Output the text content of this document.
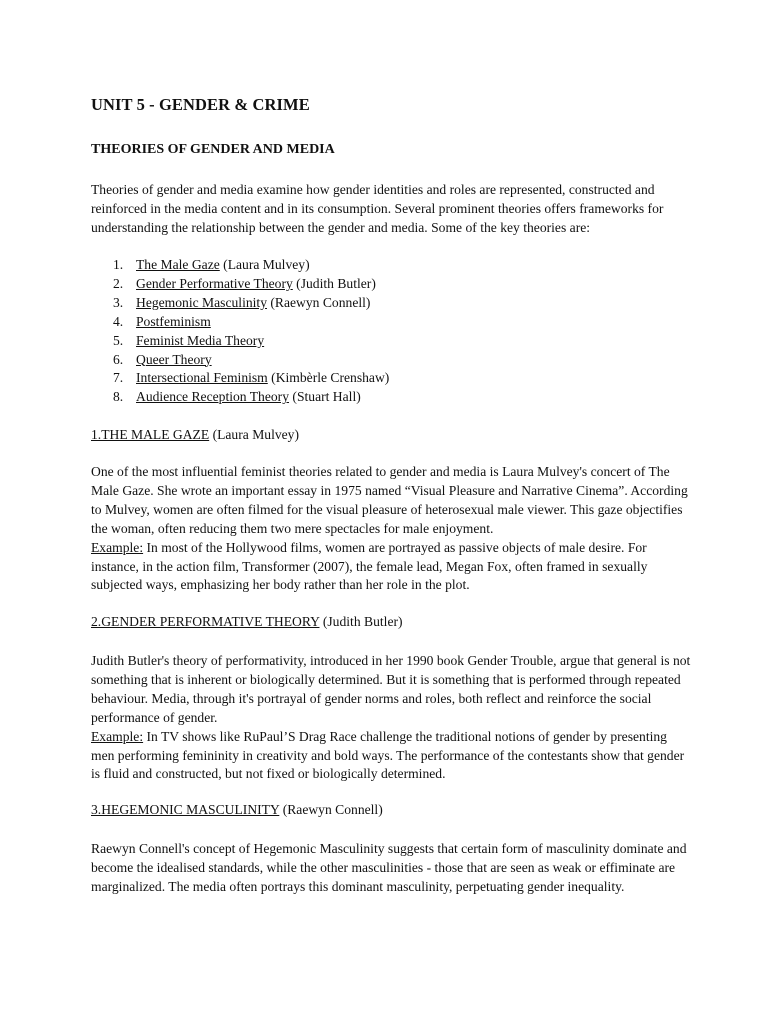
UNIT 5 - GENDER & CRIME
THEORIES OF GENDER AND MEDIA

Theories of gender and media examine how gender identities and roles are represented, constructed and reinforced in the media content and in its consumption. Several prominent theories offers frameworks for understanding the relationship between the gender and media. Some of the key theories are:

1. The Male Gaze (Laura Mulvey)
2. Gender Performative Theory (Judith Butler)
3. Hegemonic Masculinity (Raewyn Connell)
4. Postfeminism
5. Feminist Media Theory
6. Queer Theory
7. Intersectional Feminism (Kimbèrle Crenshaw)
8. Audience Reception Theory (Stuart Hall)
1.THE MALE GAZE (Laura Mulvey)

One of the most influential feminist theories related to gender and media is Laura Mulvey's concert of The Male Gaze. She wrote an important essay in 1975 named “Visual Pleasure and Narrative Cinema”. According to Mulvey, women are often filmed for the visual pleasure of heterosexual male viewer. This gaze objectifies the woman, often reducing them two mere spectacles for male enjoyment.

Example: In most of the Hollywood films, women are portrayed as passive objects of male desire. For instance, in the action film, Transformer (2007), the female lead, Megan Fox, often framed in sexually subjected ways, emphasizing her body rather than her role in the plot.

2.GENDER PERFORMATIVE THEORY (Judith Butler)

Judith Butler's theory of performativity, introduced in her 1990 book Gender Trouble, argue that general is not something that is inherent or biologically determined. But it is something that is performed through repeated behaviour. Media, through it's portrayal of gender norms and roles, both reflect and reinforce the social performance of gender.

Example: In TV shows like RuPaul’S Drag Race challenge the traditional notions of gender by presenting men performing femininity in creativity and bold ways. The performance of the contestants show that gender is fluid and constructed, but not fixed or biologically determined.

3.HEGEMONIC MASCULINITY (Raewyn Connell)

Raewyn Connell's concept of Hegemonic Masculinity suggests that certain form of masculinity dominate and become the idealised standards, while the other masculinities - those that are seen as weak or effiminate are marginalized. The media often portrays this dominant masculinity, perpetuating gender inequality.
